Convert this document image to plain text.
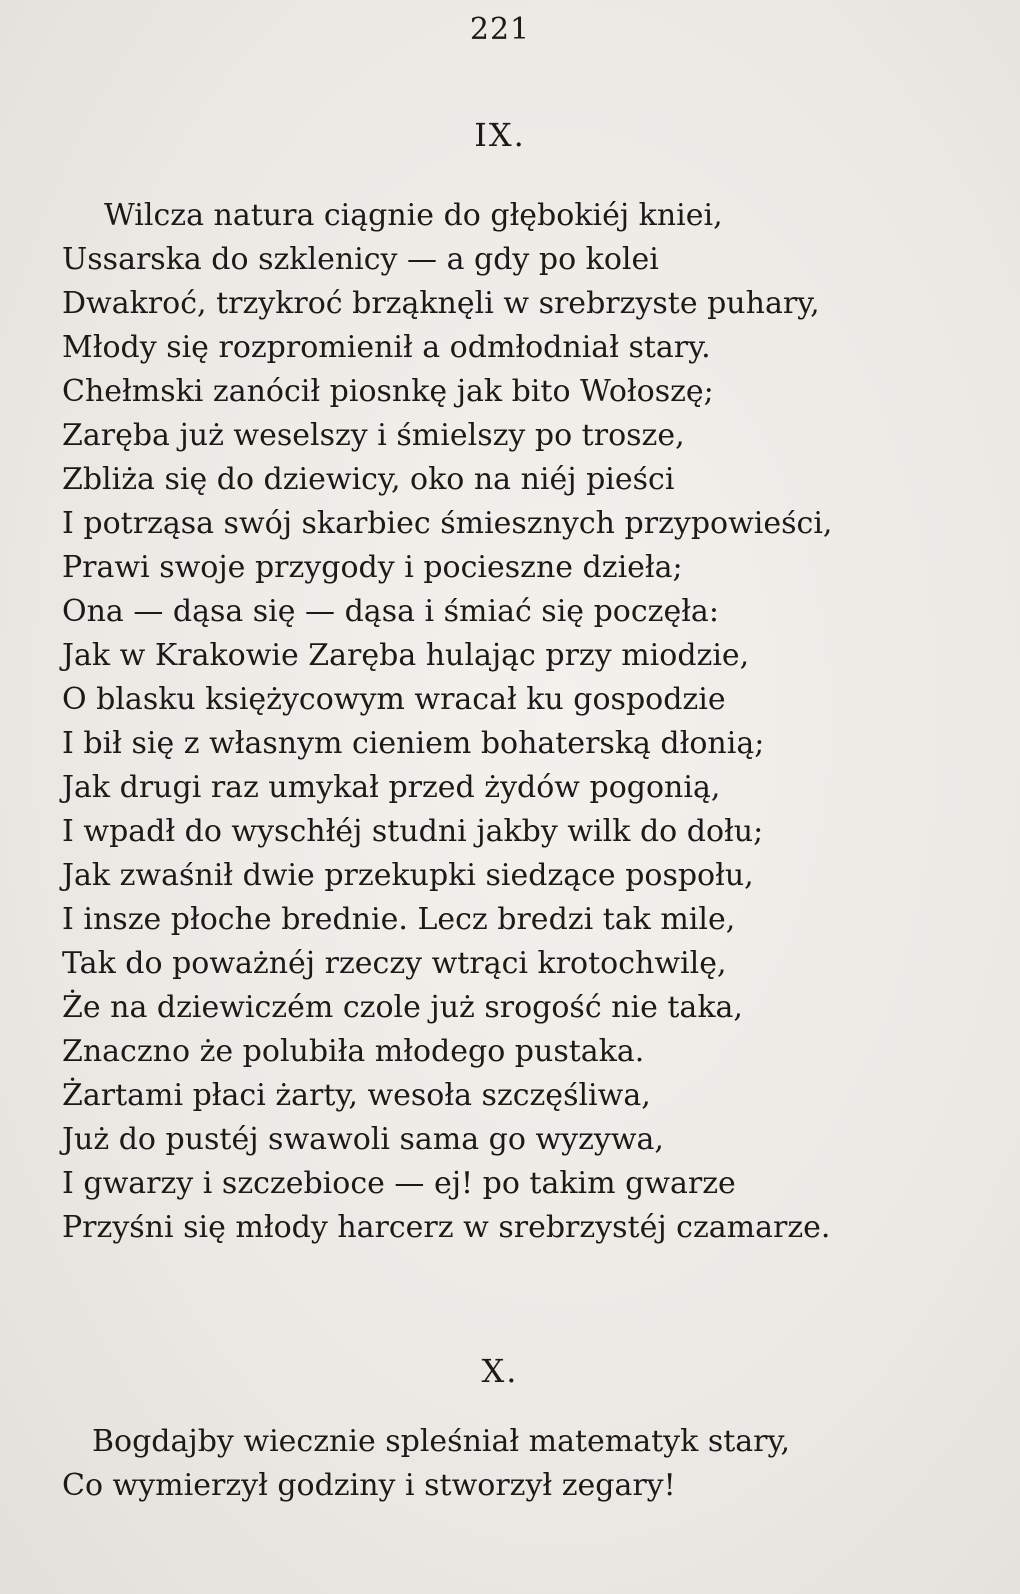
221
IX.
Wilcza natura ciągnie do głębokiéj kniei,
Ussarska do szklenicy — a gdy po kolei
Dwakroć, trzykroć brząknęli w srebrzyste puhary,
Młody się rozpromienił a odmłodniał stary.
Chełmski zanócił piosnkę jak bito Wołoszę;
Zaręba już weselszy i śmielszy po trosze,
Zbliża się do dziewicy, oko na niéj pieści
I potrząsa swój skarbiec śmiesznych przypowieści,
Prawi swoje przygody i pocieszne dzieła;
Ona — dąsa się — dąsa i śmiać się poczęła:
Jak w Krakowie Zaręba hulając przy miodzie,
O blasku księżycowym wracał ku gospodzie
I bił się z własnym cieniem bohaterską dłonią;
Jak drugi raz umykał przed żydów pogonią,
I wpadł do wyschłéj studni jakby wilk do dołu;
Jak zwaśnił dwie przekupki siedzące pospołu,
I insze płoche brednie. Lecz bredzi tak mile,
Tak do poważnéj rzeczy wtrąci krotochwilę,
Że na dziewiczém czole już srogość nie taka,
Znaczno że polubiła młodego pustaka.
Żartami płaci żarty, wesoła szczęśliwa,
Już do pustéj swawoli sama go wyzywa,
I gwarzy i szczebioce — ej! po takim gwarze
Przyśni się młody harcerz w srebrzystéj czamarze.
X.
Bogdajby wiecznie spleśniał matematyk stary,
Co wymierzył godziny i stworzył zegary!
